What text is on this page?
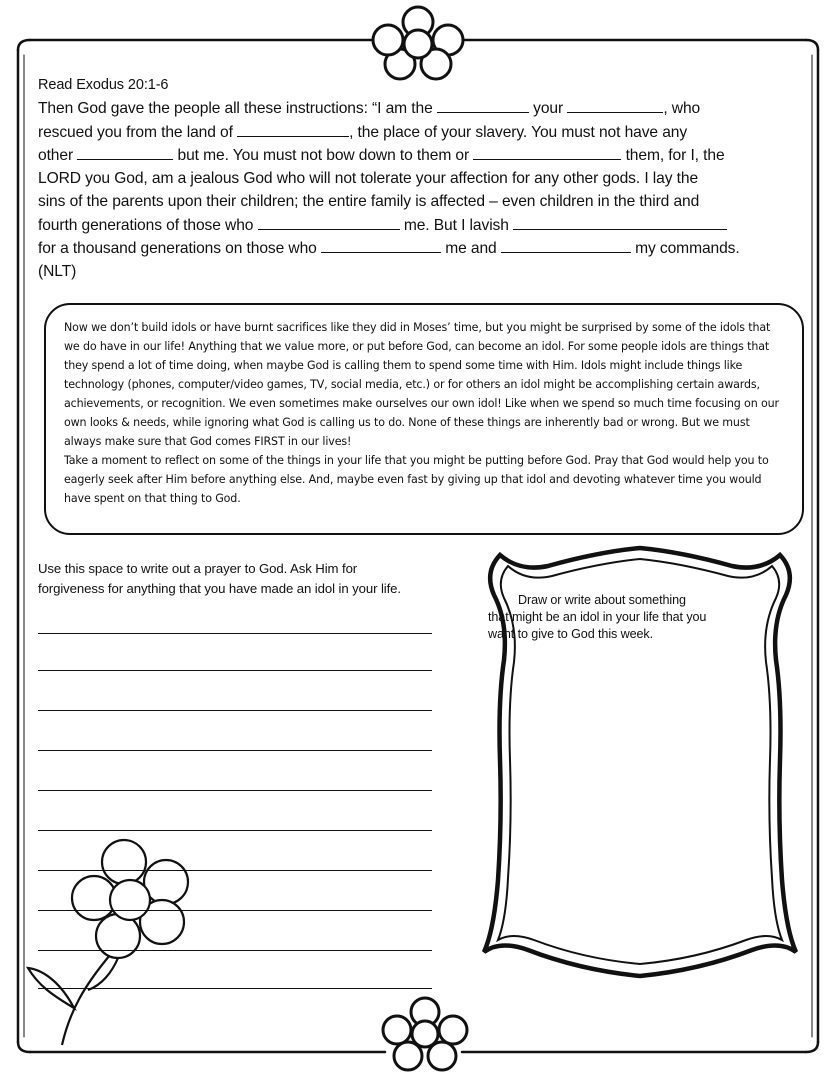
Read Exodus 20:1-6
Then God gave the people all these instructions: “I am the	your	, who
rescued you from the land of	, the place of your slavery. You must not have any
other	but me. You must not bow down to them or	them, for I, the
LORD you God, am a jealous God who will not tolerate your affection for any other gods. I lay the
sins of the parents upon their children; the entire family is affected – even children in the third and
fourth generations of those who	me. But I lavish
for a thousand generations on those who	me and	my commands.
(NLT)

Now we don’t build idols or have burnt sacrifices like they did in Moses’ time, but you might be surprised by some of the idols that we do have in our life! Anything that we value more, or put before God, can become an idol. For some people idols are things that they spend a lot of time doing, when maybe God is calling them to spend some time with Him. Idols might include things like technology (phones, computer/video games, TV, social media, etc.) or for others an idol might be accomplishing certain awards, achievements, or recognition. We even sometimes make ourselves our own idol! Like when we spend so much time focusing on our own looks & needs, while ignoring what God is calling us to do. None of these things are inherently bad or wrong. But we must always make sure that God comes FIRST in our lives!

Take a moment to reflect on some of the things in your life that you might be putting before God. Pray that God would help you to eagerly seek after Him before anything else. And, maybe even fast by giving up that idol and devoting whatever time you would have spent on that thing to God.

Use this space to write out a prayer to God. Ask Him for
forgiveness for anything that you have made an idol in your life.
Draw or write about something
that might be an idol in your life that you
want to give to God this week.
